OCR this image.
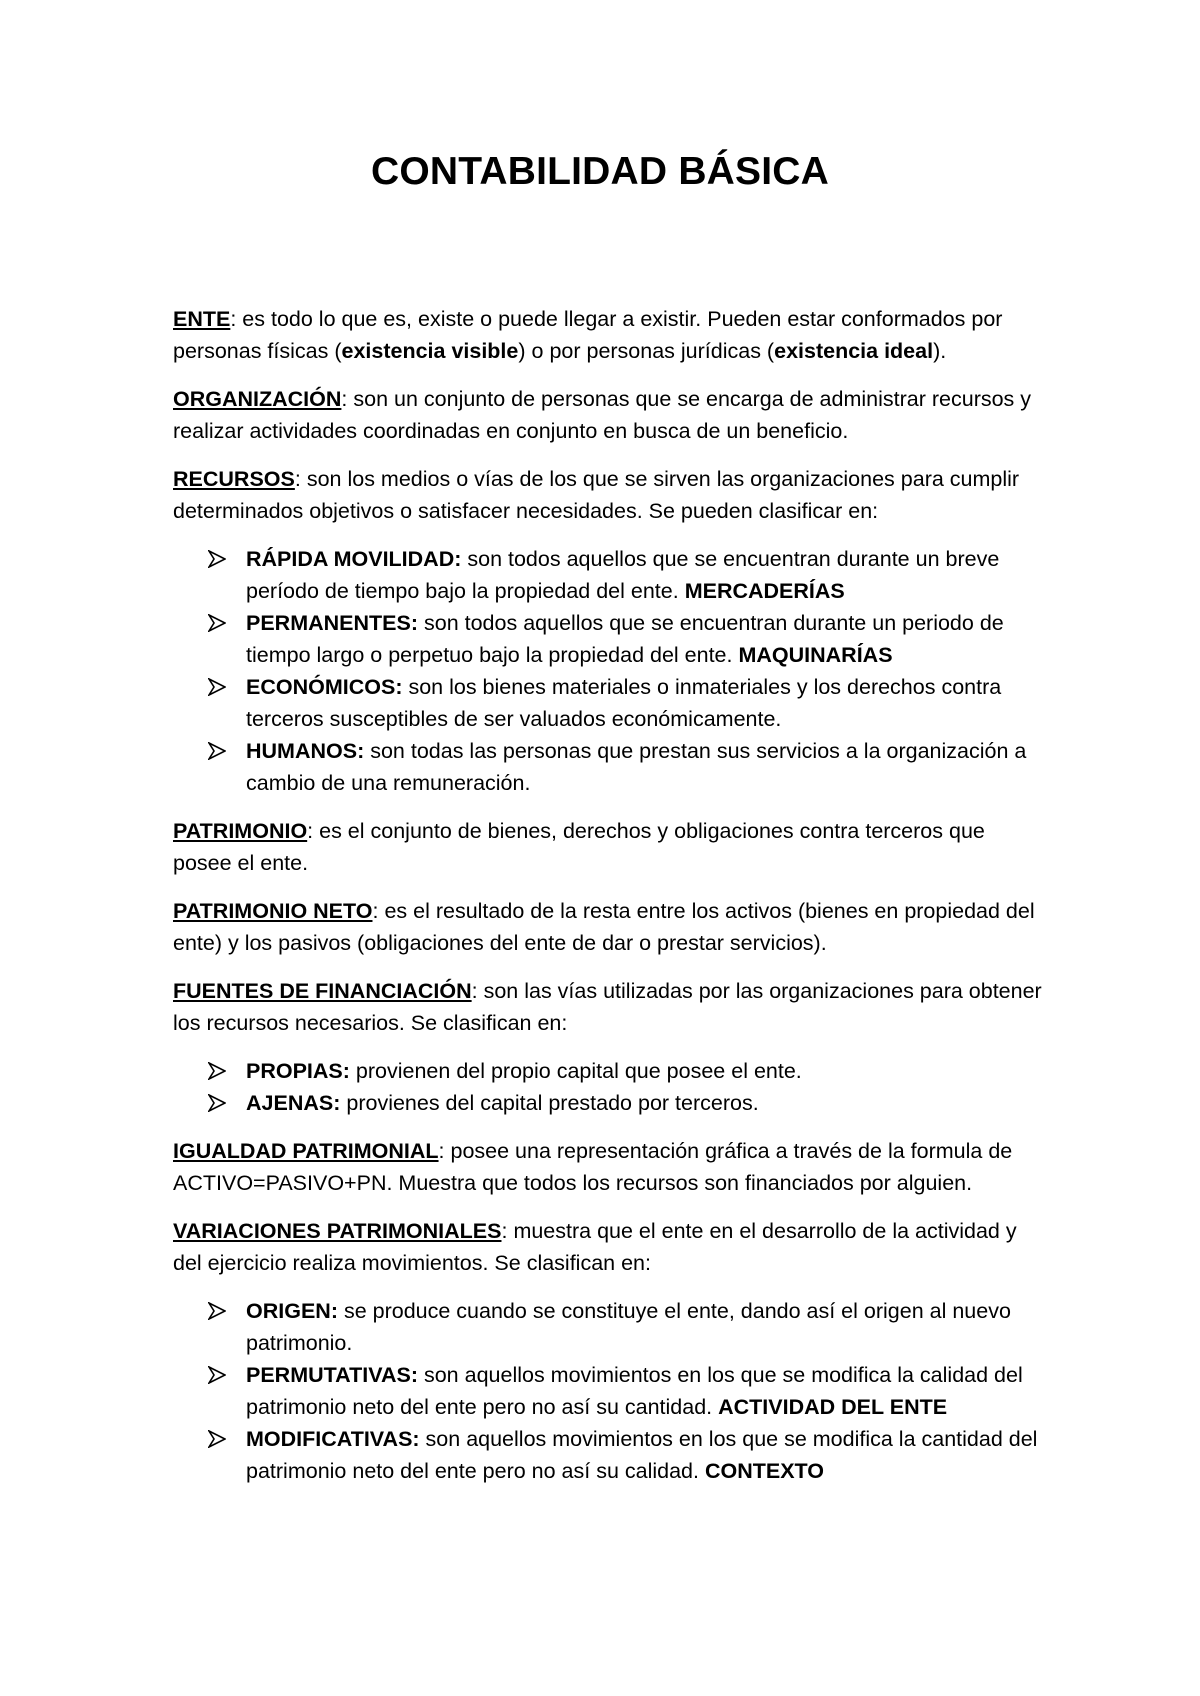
CONTABILIDAD BÁSICA

ENTE: es todo lo que es, existe o puede llegar a existir. Pueden estar conformados por personas físicas (existencia visible) o por personas jurídicas (existencia ideal).

ORGANIZACIÓN: son un conjunto de personas que se encarga de administrar recursos y realizar actividades coordinadas en conjunto en busca de un beneficio.

RECURSOS: son los medios o vías de los que se sirven las organizaciones para cumplir determinados objetivos o satisfacer necesidades. Se pueden clasificar en:

RÁPIDA MOVILIDAD: son todos aquellos que se encuentran durante un breve período de tiempo bajo la propiedad del ente. MERCADERÍAS
PERMANENTES: son todos aquellos que se encuentran durante un periodo de tiempo largo o perpetuo bajo la propiedad del ente. MAQUINARÍAS
ECONÓMICOS: son los bienes materiales o inmateriales y los derechos contra terceros susceptibles de ser valuados económicamente.
HUMANOS: son todas las personas que prestan sus servicios a la organización a cambio de una remuneración.

PATRIMONIO: es el conjunto de bienes, derechos y obligaciones contra terceros que posee el ente.

PATRIMONIO NETO: es el resultado de la resta entre los activos (bienes en propiedad del ente) y los pasivos (obligaciones del ente de dar o prestar servicios).

FUENTES DE FINANCIACIÓN: son las vías utilizadas por las organizaciones para obtener los recursos necesarios. Se clasifican en:

PROPIAS: provienen del propio capital que posee el ente.
AJENAS: provienes del capital prestado por terceros.

IGUALDAD PATRIMONIAL: posee una representación gráfica a través de la formula de ACTIVO=PASIVO+PN. Muestra que todos los recursos son financiados por alguien.

VARIACIONES PATRIMONIALES: muestra que el ente en el desarrollo de la actividad y del ejercicio realiza movimientos. Se clasifican en:

ORIGEN: se produce cuando se constituye el ente, dando así el origen al nuevo patrimonio.
PERMUTATIVAS: son aquellos movimientos en los que se modifica la calidad del patrimonio neto del ente pero no así su cantidad. ACTIVIDAD DEL ENTE
MODIFICATIVAS: son aquellos movimientos en los que se modifica la cantidad del patrimonio neto del ente pero no así su calidad. CONTEXTO
